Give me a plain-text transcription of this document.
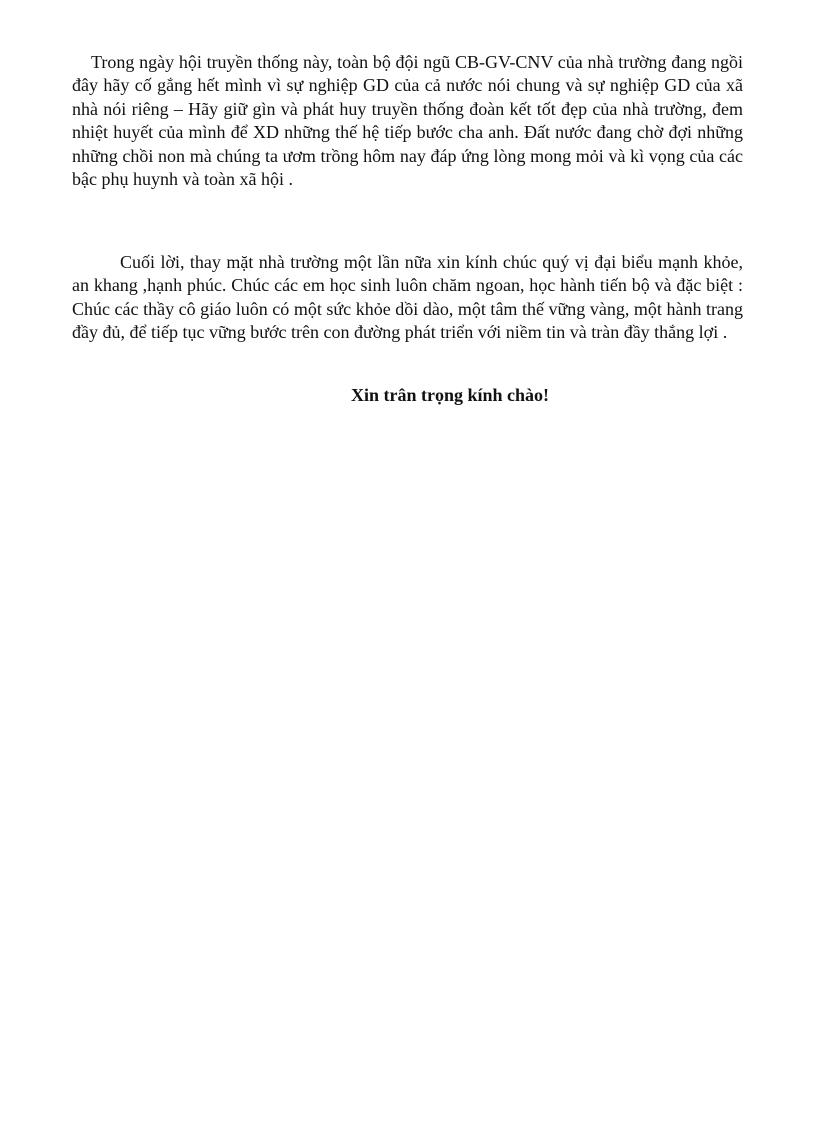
Trong ngày hội truyền thống này, toàn bộ đội ngũ CB-GV-CNV của nhà trường đang ngồi đây hãy cố gắng hết mình vì sự nghiệp GD của cả nước nói chung và sự nghiệp GD của xã nhà nói riêng – Hãy giữ gìn và phát huy truyền thống đoàn kết tốt đẹp của nhà trường, đem nhiệt huyết của mình để XD những thế hệ tiếp bước cha anh. Đất nước đang chờ đợi những những chồi non mà chúng ta ươm trồng hôm nay đáp ứng lòng mong mỏi và kì vọng của các bậc phụ huynh và toàn xã hội .

Cuối lời, thay mặt nhà trường một lần nữa xin kính chúc quý vị đại biểu mạnh khỏe, an khang ,hạnh phúc. Chúc các em học sinh luôn chăm ngoan, học hành tiến bộ và đặc biệt : Chúc các thầy cô giáo luôn có một sức khỏe dồi dào, một tâm thế vững vàng, một hành trang đầy đủ, để tiếp tục vững bước trên con đường phát triển với niềm tin và tràn đầy thắng lợi .

Xin trân trọng kính chào!
